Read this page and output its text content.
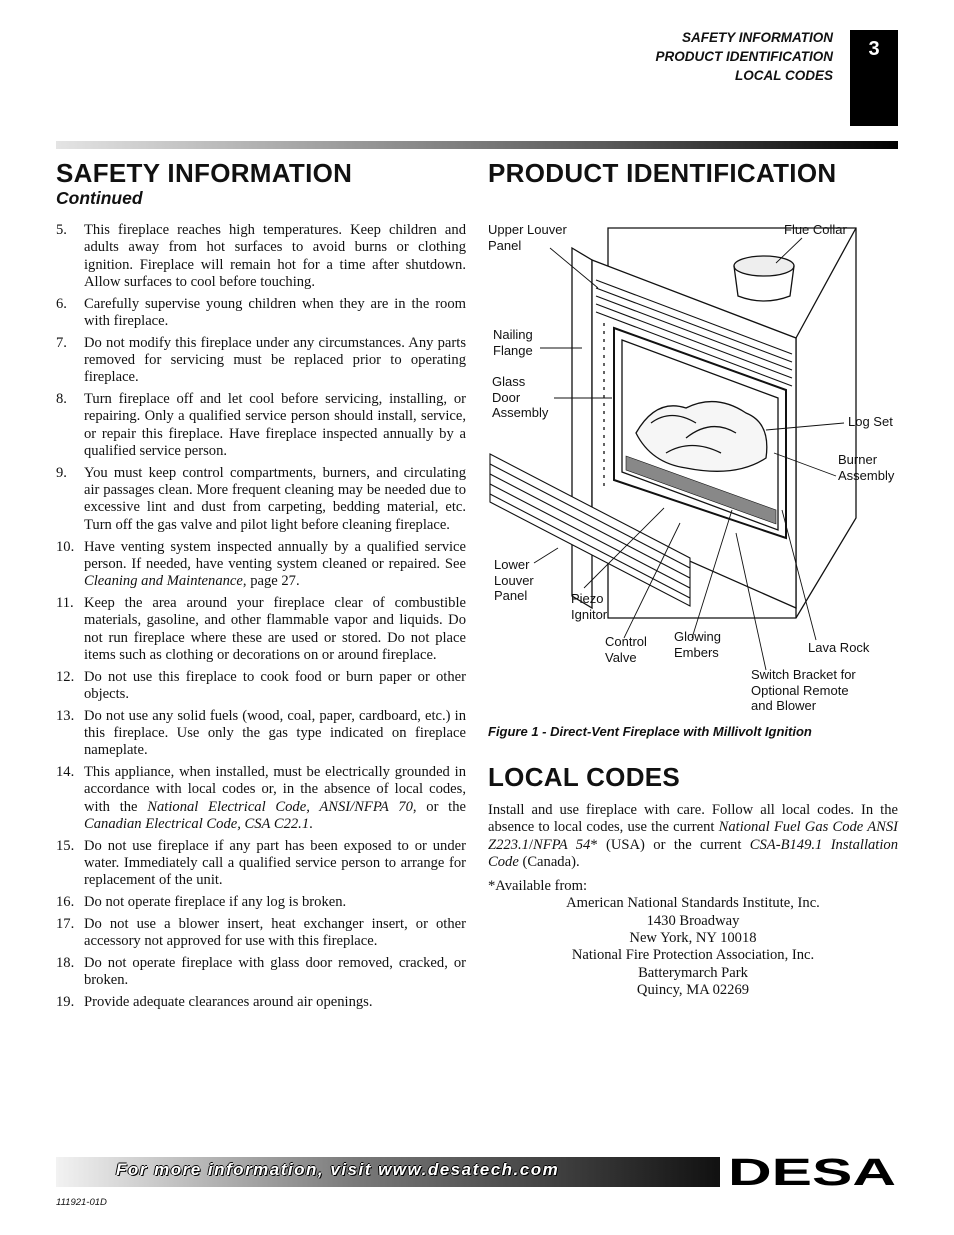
SAFETY INFORMATION
PRODUCT IDENTIFICATION
LOCAL CODES
3
SAFETY INFORMATION
Continued
5. This fireplace reaches high temperatures. Keep children and adults away from hot surfaces to avoid burns or clothing ignition. Fireplace will remain hot for a time after shutdown. Allow surfaces to cool before touching.
6. Carefully supervise young children when they are in the room with fireplace.
7. Do not modify this fireplace under any circumstances. Any parts removed for servicing must be replaced prior to operating fireplace.
8. Turn fireplace off and let cool before servicing, installing, or repairing. Only a qualified service person should install, service, or repair this fireplace. Have fireplace inspected annually by a qualified service person.
9. You must keep control compartments, burners, and circulating air passages clean. More frequent cleaning may be needed due to excessive lint and dust from carpeting, bedding material, etc. Turn off the gas valve and pilot light before cleaning fireplace.
10. Have venting system inspected annually by a qualified service person. If needed, have venting system cleaned or repaired. See Cleaning and Maintenance, page 27.
11. Keep the area around your fireplace clear of combustible materials, gasoline, and other flammable vapor and liquids. Do not run fireplace where these are used or stored. Do not place items such as clothing or decorations on or around fireplace.
12. Do not use this fireplace to cook food or burn paper or other objects.
13. Do not use any solid fuels (wood, coal, paper, cardboard, etc.) in this fireplace. Use only the gas type indicated on fireplace nameplate.
14. This appliance, when installed, must be electrically grounded in accordance with local codes or, in the absence of local codes, with the National Electrical Code, ANSI/NFPA 70, or the Canadian Electrical Code, CSA C22.1.
15. Do not use fireplace if any part has been exposed to or under water. Immediately call a qualified service person to arrange for replacement of the unit.
16. Do not operate fireplace if any log is broken.
17. Do not use a blower insert, heat exchanger insert, or other accessory not approved for use with this fireplace.
18. Do not operate fireplace with glass door removed, cracked, or broken.
19. Provide adequate clearances around air openings.
PRODUCT IDENTIFICATION
Upper Louver
Panel
Flue Collar
Nailing
Flange
Glass
Door
Assembly
Log Set
Burner
Assembly
Lower
Louver
Panel	Piezo
Ignitor
Control
Valve
Glowing
Embers	Lava Rock
Switch Bracket for
Optional Remote
and Blower
Figure 1 - Direct-Vent Fireplace with Millivolt Ignition
LOCAL CODES

Install and use fireplace with care. Follow all local codes. In the absence to local codes, use the current National Fuel Gas Code ANSI Z223.1/NFPA 54* (USA) or the current CSA-B149.1 Installation Code (Canada).

*Available from:
American National Standards Institute, Inc.
1430 Broadway
New York, NY 10018
National Fire Protection Association, Inc.
Batterymarch Park
Quincy, MA 02269
For more information, visit www.desatech.com	DESA
111921-01D
